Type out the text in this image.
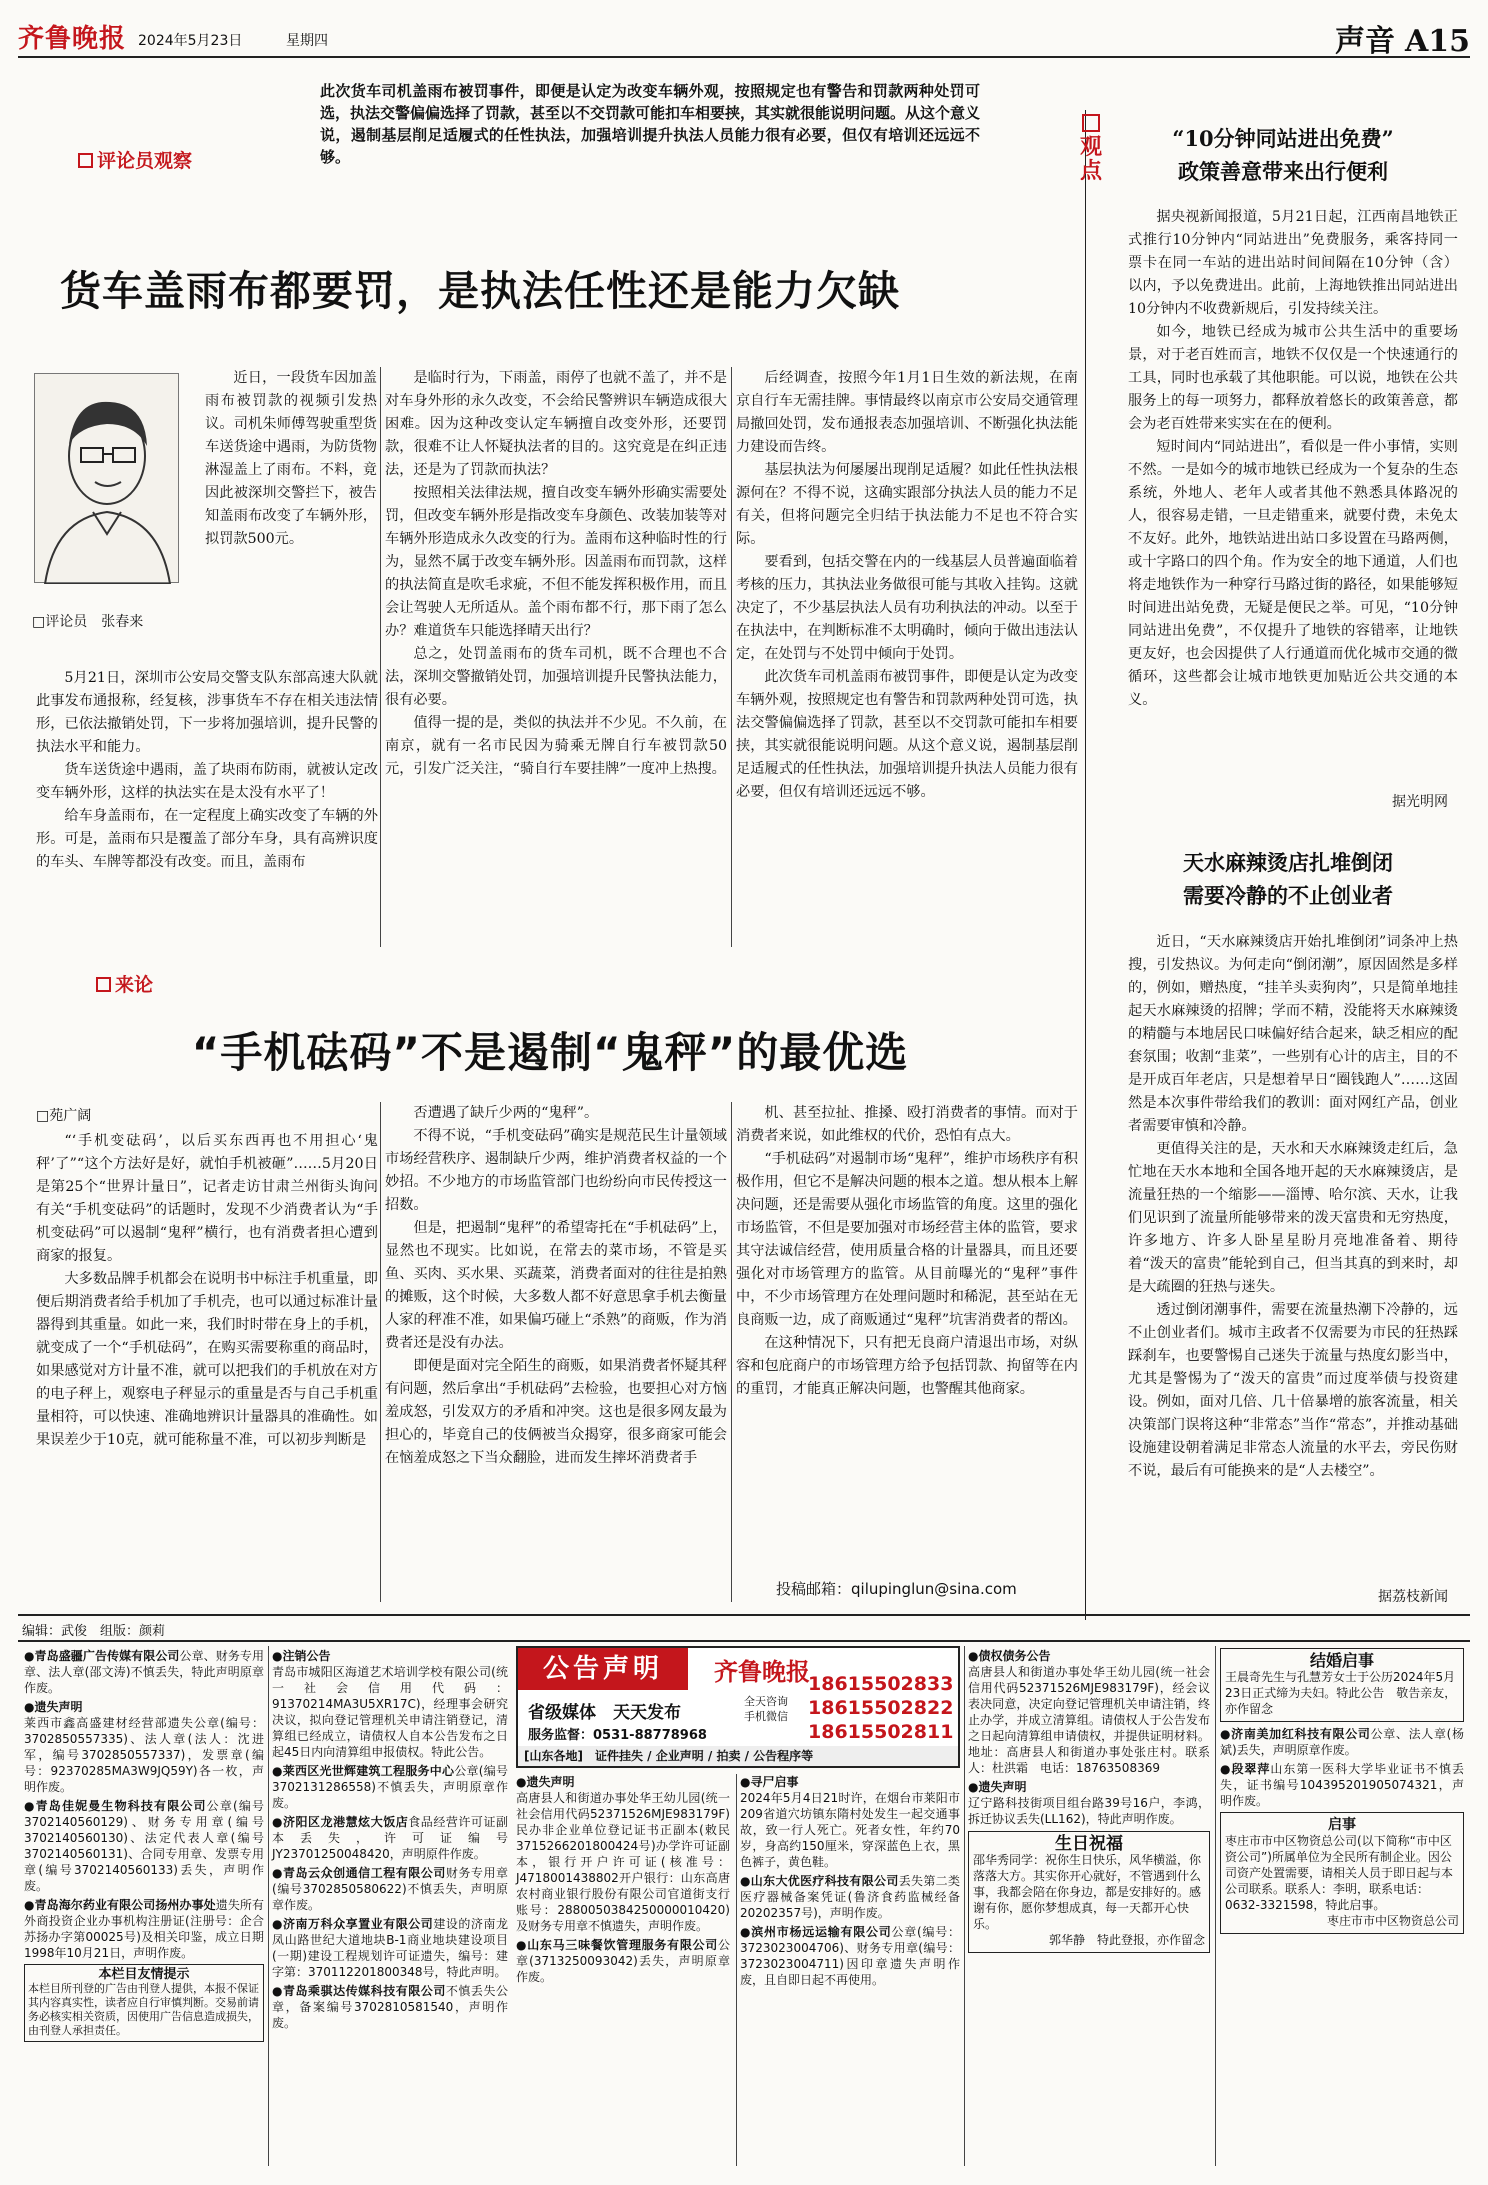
齐鲁晚报 2024年5月23日	星期四	声音 A15
评论员观察
此次货车司机盖雨布被罚事件，即便是认定为改变车辆外观，按照规定也有警告和罚款两种处罚可选，执法交警偏偏选择了罚款，甚至以不交罚款可能扣车相要挟，其实就很能说明问题。从这个意义说，遏制基层削足适履式的任性执法，加强培训提升执法人员能力很有必要，但仅有培训还远远不够。
货车盖雨布都要罚，是执法任性还是能力欠缺
□评论员　张春来
近日，一段货车因加盖雨布被罚款的视频引发热议。司机朱师傅驾驶重型货车送货途中遇雨，为防货物淋湿盖上了雨布。不料，竟因此被深圳交警拦下，被告知盖雨布改变了车辆外形，拟罚款500元。

5月21日，深圳市公安局交警支队东部高速大队就此事发布通报称，经复核，涉事货车不存在相关违法情形，已依法撤销处罚，下一步将加强培训，提升民警的执法水平和能力。

货车送货途中遇雨，盖了块雨布防雨，就被认定改变车辆外形，这样的执法实在是太没有水平了！

给车身盖雨布，在一定程度上确实改变了车辆的外形。可是，盖雨布只是覆盖了部分车身，具有高辨识度的车头、车牌等都没有改变。而且，盖雨布

是临时行为，下雨盖，雨停了也就不盖了，并不是对车身外形的永久改变，不会给民警辨识车辆造成很大困难。因为这种改变认定车辆擅自改变外形，还要罚款，很难不让人怀疑执法者的目的。这究竟是在纠正违法，还是为了罚款而执法？

按照相关法律法规，擅自改变车辆外形确实需要处罚，但改变车辆外形是指改变车身颜色、改装加装等对车辆外形造成永久改变的行为。盖雨布这种临时性的行为，显然不属于改变车辆外形。因盖雨布而罚款，这样的执法简直是吹毛求疵，不但不能发挥积极作用，而且会让驾驶人无所适从。盖个雨布都不行，那下雨了怎么办？难道货车只能选择晴天出行？

总之，处罚盖雨布的货车司机，既不合理也不合法，深圳交警撤销处罚，加强培训提升民警执法能力，很有必要。

值得一提的是，类似的执法并不少见。不久前，在南京，就有一名市民因为骑乘无牌自行车被罚款50元，引发广泛关注，“骑自行车要挂牌”一度冲上热搜。

后经调查，按照今年1月1日生效的新法规，在南京自行车无需挂牌。事情最终以南京市公安局交通管理局撤回处罚，发布通报表态加强培训、不断强化执法能力建设而告终。

基层执法为何屡屡出现削足适履？如此任性执法根源何在？不得不说，这确实跟部分执法人员的能力不足有关，但将问题完全归结于执法能力不足也不符合实际。

要看到，包括交警在内的一线基层人员普遍面临着考核的压力，其执法业务做很可能与其收入挂钩。这就决定了，不少基层执法人员有功利执法的冲动。以至于在执法中，在判断标准不太明确时，倾向于做出违法认定，在处罚与不处罚中倾向于处罚。

此次货车司机盖雨布被罚事件，即便是认定为改变车辆外观，按照规定也有警告和罚款两种处罚可选，执法交警偏偏选择了罚款，甚至以不交罚款可能扣车相要挟，其实就很能说明问题。从这个意义说，遏制基层削足适履式的任性执法，加强培训提升执法人员能力很有必要，但仅有培训还远远不够。

来论
“手机砝码”不是遏制“鬼秤”的最优选
□苑广阔

“‘手机变砝码’，以后买东西再也不用担心‘鬼秤’了”“这个方法好是好，就怕手机被砸”……5月20日是第25个“世界计量日”，记者走访甘肃兰州街头询问有关“手机变砝码”的话题时，发现不少消费者认为“手机变砝码”可以遏制“鬼秤”横行，也有消费者担心遭到商家的报复。

大多数品牌手机都会在说明书中标注手机重量，即便后期消费者给手机加了手机壳，也可以通过标准计量器得到其重量。如此一来，我们时时带在身上的手机，就变成了一个“手机砝码”，在购买需要称重的商品时，如果感觉对方计量不准，就可以把我们的手机放在对方的电子秤上，观察电子秤显示的重量是否与自己手机重量相符，可以快速、准确地辨识计量器具的准确性。如果误差少于10克，就可能称量不准，可以初步判断是

否遭遇了缺斤少两的“鬼秤”。

不得不说，“手机变砝码”确实是规范民生计量领域市场经营秩序、遏制缺斤少两，维护消费者权益的一个妙招。不少地方的市场监管部门也纷纷向市民传授这一招数。

但是，把遏制“鬼秤”的希望寄托在“手机砝码”上，显然也不现实。比如说，在常去的菜市场，不管是买鱼、买肉、买水果、买蔬菜，消费者面对的往往是拍熟的摊贩，这个时候，大多数人都不好意思拿手机去衡量人家的秤准不准，如果偏巧碰上“杀熟”的商贩，作为消费者还是没有办法。

即便是面对完全陌生的商贩，如果消费者怀疑其秤有问题，然后拿出“手机砝码”去检验，也要担心对方恼羞成怒，引发双方的矛盾和冲突。这也是很多网友最为担心的，毕竟自己的伎俩被当众揭穿，很多商家可能会在恼羞成怒之下当众翻脸，进而发生摔坏消费者手

机、甚至拉扯、推搡、殴打消费者的事情。而对于消费者来说，如此维权的代价，恐怕有点大。

“手机砝码”对遏制市场“鬼秤”，维护市场秩序有积极作用，但它不是解决问题的根本之道。想从根本上解决问题，还是需要从强化市场监管的角度。这里的强化市场监管，不但是要加强对市场经营主体的监管，要求其守法诚信经营，使用质量合格的计量器具，而且还要强化对市场管理方的监管。从目前曝光的“鬼秤”事件中，不少市场管理方在处理问题时和稀泥，甚至站在无良商贩一边，成了商贩通过“鬼秤”坑害消费者的帮凶。

在这种情况下，只有把无良商户清退出市场，对纵容和包庇商户的市场管理方给予包括罚款、拘留等在内的重罚，才能真正解决问题，也警醒其他商家。

投稿邮箱：qilupinglun@sina.com
观
点
“10分钟同站进出免费”
政策善意带来出行便利

据央视新闻报道，5月21日起，江西南昌地铁正式推行10分钟内“同站进出”免费服务，乘客持同一票卡在同一车站的进出站时间间隔在10分钟（含）以内，予以免费进出。此前，上海地铁推出同站进出10分钟内不收费新规后，引发持续关注。

如今，地铁已经成为城市公共生活中的重要场景，对于老百姓而言，地铁不仅仅是一个快速通行的工具，同时也承载了其他职能。可以说，地铁在公共服务上的每一项努力，都释放着悠长的政策善意，都会为老百姓带来实实在在的便利。

短时间内“同站进出”，看似是一件小事情，实则不然。一是如今的城市地铁已经成为一个复杂的生态系统，外地人、老年人或者其他不熟悉具体路况的人，很容易走错，一旦走错重来，就要付费，未免太不友好。此外，地铁站进出站口多设置在马路两侧，或十字路口的四个角。作为安全的地下通道，人们也将走地铁作为一种穿行马路过街的路径，如果能够短时间进出站免费，无疑是便民之举。可见，“10分钟同站进出免费”，不仅提升了地铁的容错率，让地铁更友好，也会因提供了人行通道而优化城市交通的微循环，这些都会让城市地铁更加贴近公共交通的本义。

据光明网
天水麻辣烫店扎堆倒闭
需要冷静的不止创业者

近日，“天水麻辣烫店开始扎堆倒闭”词条冲上热搜，引发热议。为何走向“倒闭潮”，原因固然是多样的，例如，赠热度，“挂羊头卖狗肉”，只是简单地挂起天水麻辣烫的招牌；学而不精，没能将天水麻辣烫的精髓与本地居民口味偏好结合起来，缺乏相应的配套氛围；收割“韭菜”，一些别有心计的店主，目的不是开成百年老店，只是想着早日“圈钱跑人”……这固然是本次事件带给我们的教训：面对网红产品，创业者需要审慎和冷静。

更值得关注的是，天水和天水麻辣烫走红后，急忙地在天水本地和全国各地开起的天水麻辣烫店，是流量狂热的一个缩影——淄博、哈尔滨、天水，让我们见识到了流量所能够带来的泼天富贵和无穷热度，许多地方、许多人卧星星盼月亮地准备着、期待着“泼天的富贵”能轮到自己，但当其真的到来时，却是大疏圈的狂热与迷失。

透过倒闭潮事件，需要在流量热潮下冷静的，远不止创业者们。城市主政者不仅需要为市民的狂热踩踩刹车，也要警惕自己迷失于流量与热度幻影当中，尤其是警惕为了“泼天的富贵”而过度举债与投资建设。例如，面对几倍、几十倍暴增的旅客流量，相关决策部门误将这种“非常态”当作“常态”，并推动基础设施建设朝着满足非常态人流量的水平去，旁民伤财不说，最后有可能换来的是“人去楼空”。

据荔枝新闻
编辑：武俊　 组版：颜莉

●青岛盛疆广告传媒有限公司公章、财务专用章、法人章(邵文涛)不慎丢失，特此声明原章作废。

●遗失声明
莱西市鑫高盛建材经营部遗失公章(编号：3702850557335)、法人章(法人：沈进军，编号3702850557337)，发票章(编号：92370285MA3W9JQ59Y)各一枚，声明作废。

●青岛佳妮曼生物科技有限公司公章(编号3702140560129)、财务专用章(编号3702140560130)、法定代表人章(编号3702140560131)、合同专用章、发票专用章(编号3702140560133)丢失，声明作废。

●青岛海尔药业有限公司扬州办事处遗失所有外商投资企业办事机构注册证(注册号：企合苏扬办字第00025号)及相关印鉴，成立日期1998年10月21日，声明作废。

本栏目友情提示
本栏目所刊登的广告由刊登人提供，本报不保证其内容真实性，读者应自行审慎判断。交易前请务必核实相关资质，因使用广告信息造成损失，由刊登人承担责任。

●注销公告
青岛市城阳区海道艺术培训学校有限公司(统一社会信用代码：91370214MA3U5XR17C)，经理事会研究决议，拟向登记管理机关申请注销登记，清算组已经成立，请债权人自本公告发布之日起45日内向清算组申报债权。特此公告。

●莱西区光世辉建筑工程服务中心公章(编号3702131286558)不慎丢失，声明原章作废。

●济阳区龙港慧炫大饭店食品经营许可证副本丢失，许可证编号JY23701250048420，声明原件作废。

●青岛云众创通信工程有限公司财务专用章(编号3702850580622)不慎丢失，声明原章作废。

●济南万科众享置业有限公司建设的济南龙凤山路世纪大道地块B-1商业地块建设项目(一期)建设工程规划许可证遗失，编号：建字第：370112201800348号，特此声明。

●青岛乘骐达传媒科技有限公司不慎丢失公章，备案编号3702810581540，声明作废。

公告声明	齐鲁晚报
省级媒体　天天发布
服务监督：0531-88778968
全天咨询 手机微信
18615502833
18615502822
18615502811
[山东各地]　证件挂失 / 企业声明 / 拍卖 / 公告程序等

●遗失声明
高唐县人和街道办事处华王幼儿园(统一社会信用代码52371526MJE983179F)民办非企业单位登记证书正副本(敕民3715266201800424号)办学许可证副本，银行开户许可证(核准号：J4718001438802开户银行：山东高唐农村商业银行股份有限公司官道街支行账号：2880050384250000010420)及财务专用章不慎遗失，声明作废。

●山东马三味餐饮管理服务有限公司公章(3713250093042)丢失，声明原章作废。

●寻尸启事
2024年5月4日21时许，在烟台市莱阳市209省道穴坊镇东隋村处发生一起交通事故，致一行人死亡。死者女性，年约70岁，身高约150厘米，穿深蓝色上衣，黑色裤子，黄色鞋。

●山东大优医疗科技有限公司丢失第二类医疗器械备案凭证(鲁济食药监械经备20202357号)，声明作废。

●滨州市杨远运输有限公司公章(编号：3723023004706)、财务专用章(编号：3723023004711)因印章遗失声明作废，且自即日起不再使用。

●债权债务公告
高唐县人和街道办事处华王幼儿园(统一社会信用代码52371526MJE983179F)，经会议表决同意，决定向登记管理机关申请注销，终止办学，并成立清算组。请债权人于公告发布之日起向清算组申请债权，并提供证明材料。地址：高唐县人和街道办事处张庄村。联系人：杜洪霜　电话：18763508369

●遗失声明
辽宁路科技街项目组台路39号16户，李鸿，拆迁协议丢失(LL162)，特此声明作废。

生日祝福
邵华秀同学：祝你生日快乐，风华横溢，你落落大方。其实你开心就好，不管遇到什么事，我都会陪在你身边，都是安排好的。感谢有你，愿你梦想成真，每一天都开心快乐。
郭华静　特此登报，亦作留念
结婚启事
王晨奇先生与孔慧芳女士于公历2024年5月23日正式缔为夫妇。特此公告　敬告亲友，亦作留念

●济南美加红科技有限公司公章、法人章(杨斌)丢失，声明原章作废。

●段翠萍山东第一医科大学毕业证书不慎丢失，证书编号104395201905074321，声明作废。

启事
枣庄市市中区物资总公司(以下简称“市中区资公司”)所属单位为全民所有制企业。因公司资产处置需要，请相关人员于即日起与本公司联系。联系人：李明，联系电话：0632-3321598，特此启事。
枣庄市市中区物资总公司
